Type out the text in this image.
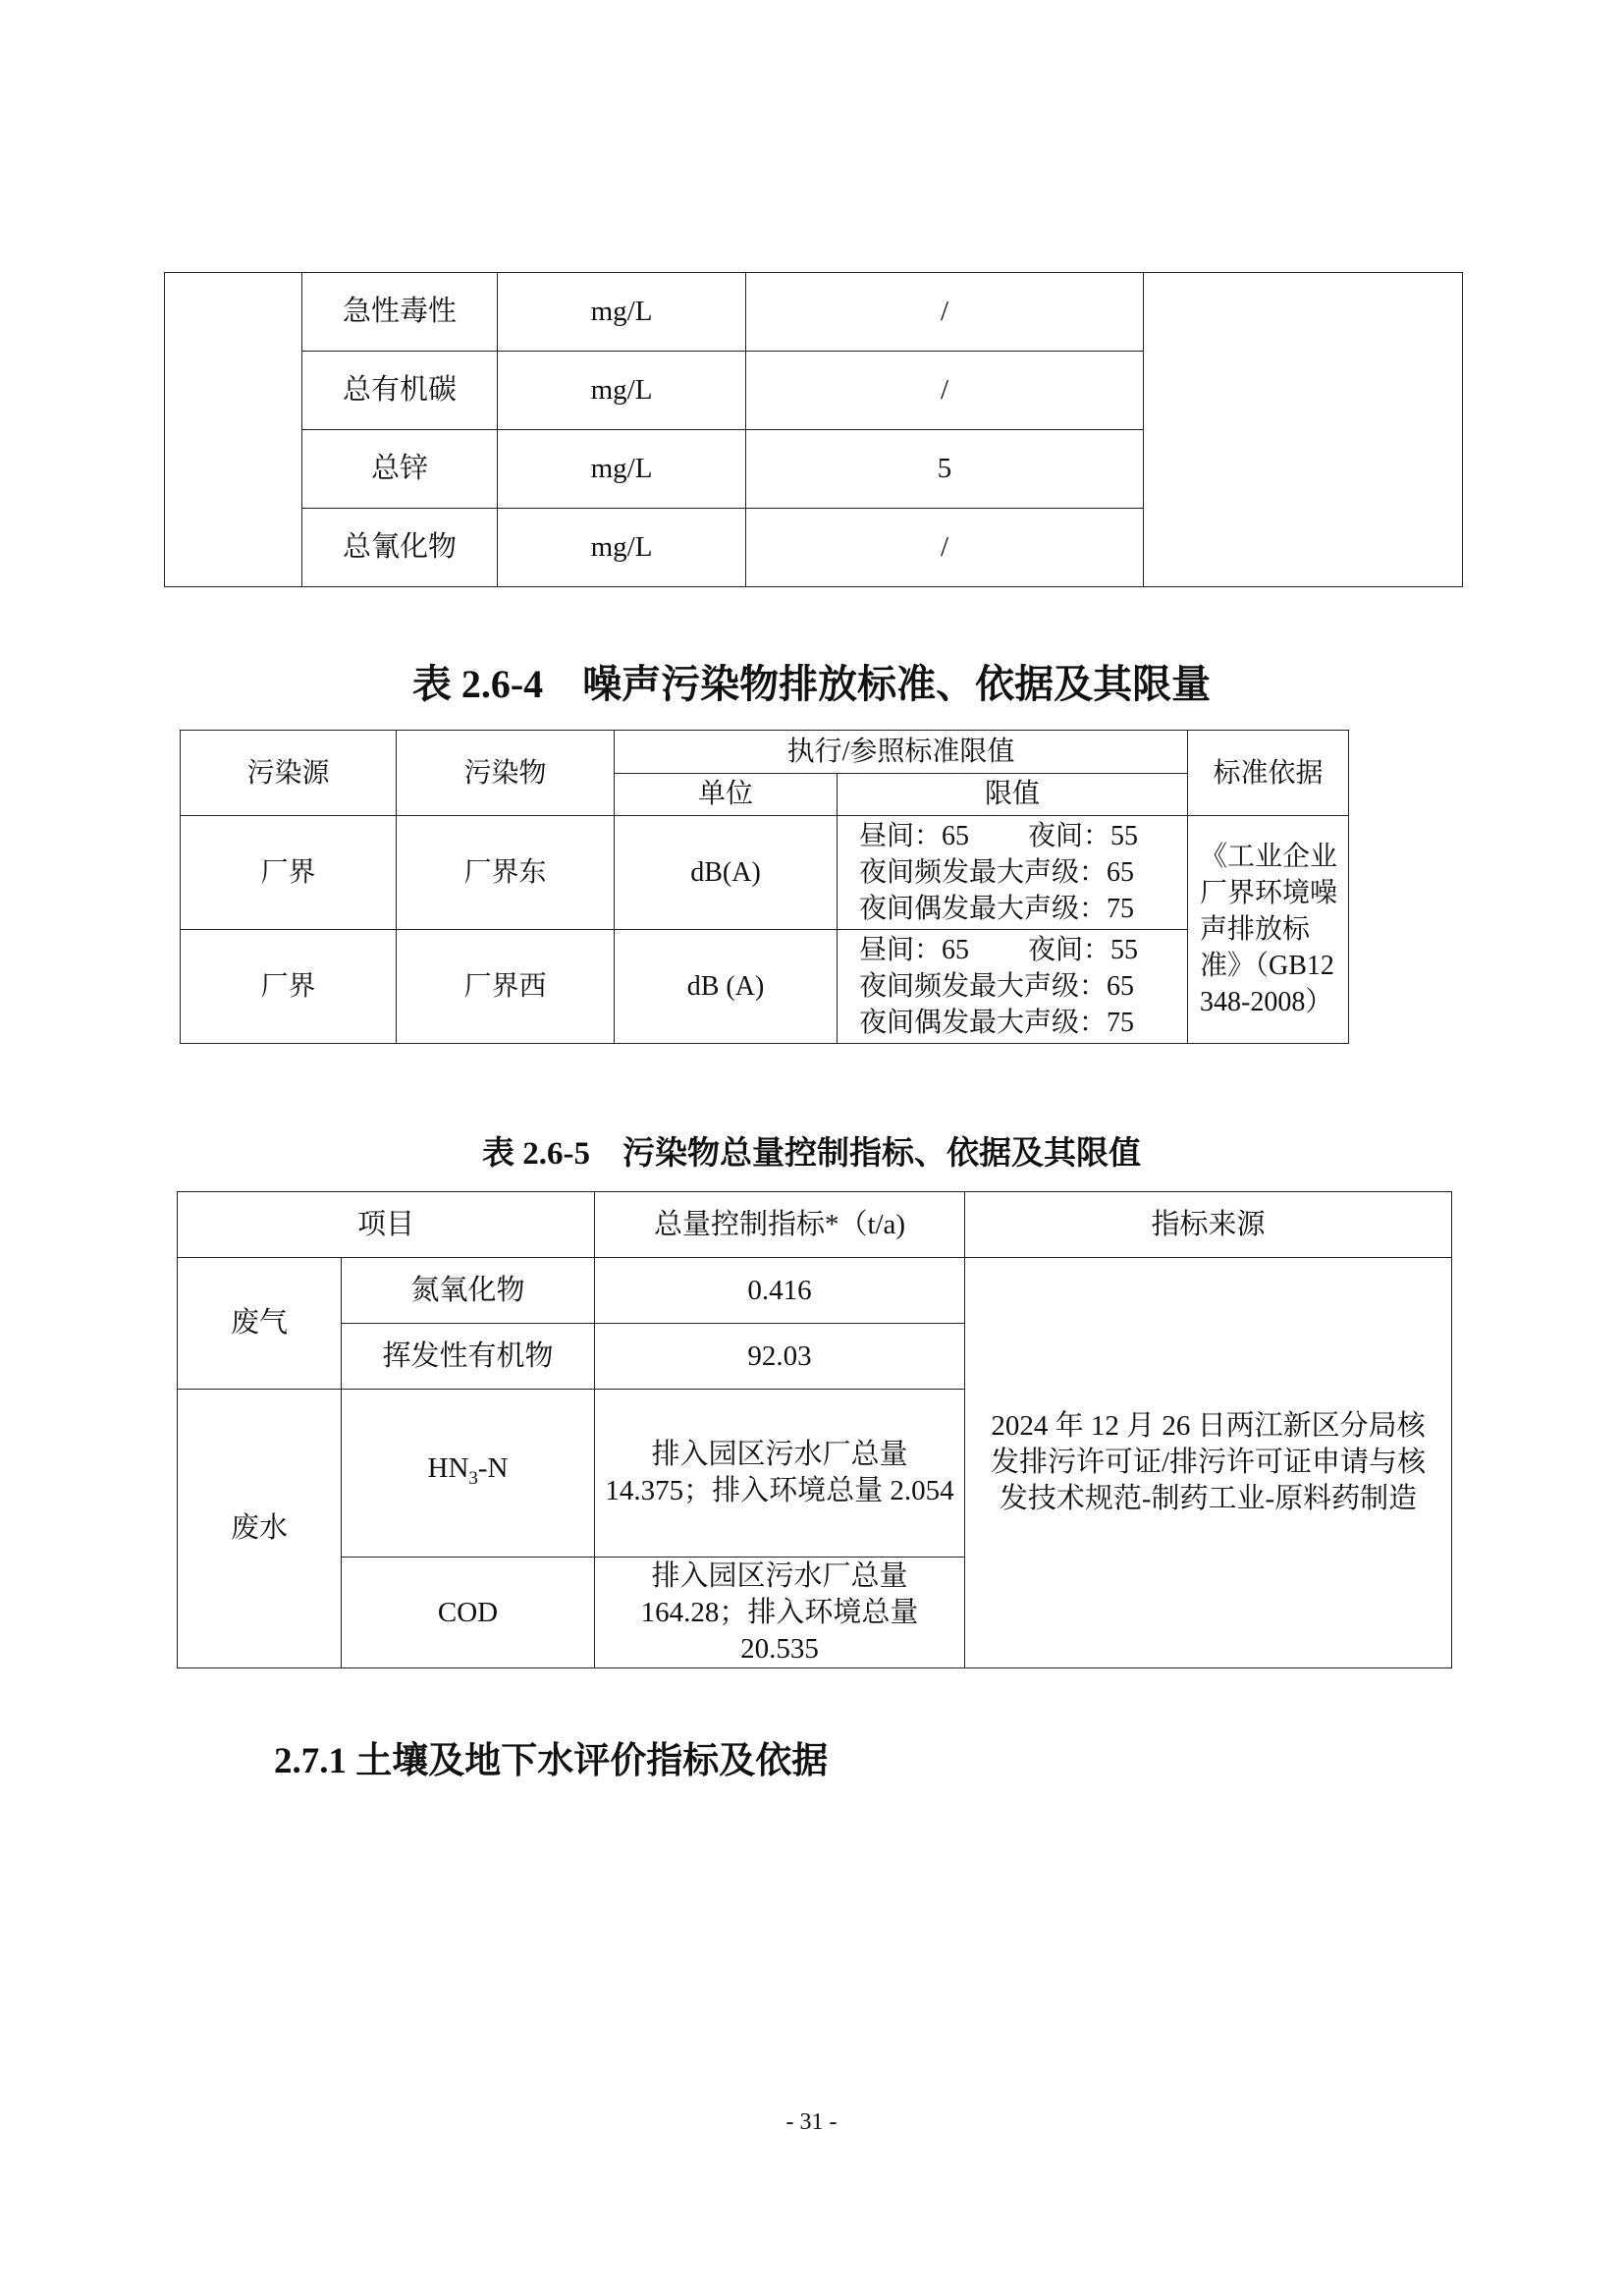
	急性毒性	mg/L	/	
	总有机碳	mg/L	/	
	总锌	mg/L	5	
	总氰化物	mg/L	/	
表 2.6-4　噪声污染物排放标准、依据及其限量
污染源	污染物	执行/参照标准限值		标准依据
		单位	限值	
厂界	厂界东	dB(A)	昼间：65 夜间：55
夜间频发最大声级：65
夜间偶发最大声级：75	《工业企业厂界环境噪声排放标准》（GB12348-2008）
厂界	厂界西	dB (A)	昼间：65 夜间：55
夜间频发最大声级：65
夜间偶发最大声级：75	
表 2.6-5　污染物总量控制指标、依据及其限值
项目		总量控制指标*（t/a)	指标来源
废气	氮氧化物	0.416	2024 年 12 月 26 日两江新区分局核发排污许可证/排污许可证申请与核发技术规范-制药工业-原料药制造
	挥发性有机物	92.03	
废水	$HN_3-N$	排入园区污水厂总量14.375；排入环境总量 2.054	
	COD	排入园区污水厂总量164.28；排入环境总量20.535	
2.7.1 土壤及地下水评价指标及依据
- 31 -
